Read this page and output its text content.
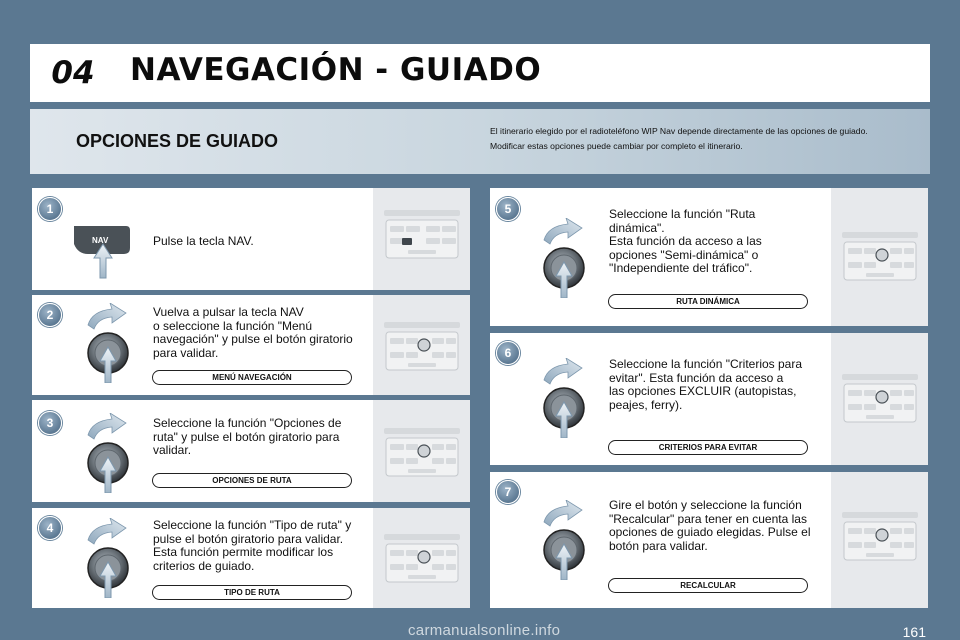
04	NAVEGACIÓN - GUIADO
OPCIONES DE GUIADO	El itinerario elegido por el radioteléfono WIP Nav depende directamente de las opciones de guiado.
Modificar estas opciones puede cambiar por completo el itinerario.
1
NAV	Pulse la tecla NAV.
2	Vuelva a pulsar la tecla NAV
o seleccione la función "Menú
navegación" y pulse el botón giratorio
para validar.
MENÚ NAVEGACIÓN
3	Seleccione la función "Opciones de
ruta" y pulse el botón giratorio para
validar.
OPCIONES DE RUTA
4	Seleccione la función "Tipo de ruta" y
pulse el botón giratorio para validar.
Esta función permite modificar los
criterios de guiado.
TIPO DE RUTA
5	Seleccione la función "Ruta
dinámica".
Esta función da acceso a las
opciones "Semi-dinámica" o
"Independiente del tráfico".
RUTA DINÁMICA
6
Seleccione la función "Criterios para
evitar". Esta función da acceso a
las opciones EXCLUIR (autopistas,
peajes, ferry).
CRITERIOS PARA EVITAR
7
Gire el botón y seleccione la función
"Recalcular" para tener en cuenta las
opciones de guiado elegidas. Pulse el
botón para validar.
RECALCULAR
carmanualsonline.info	161
